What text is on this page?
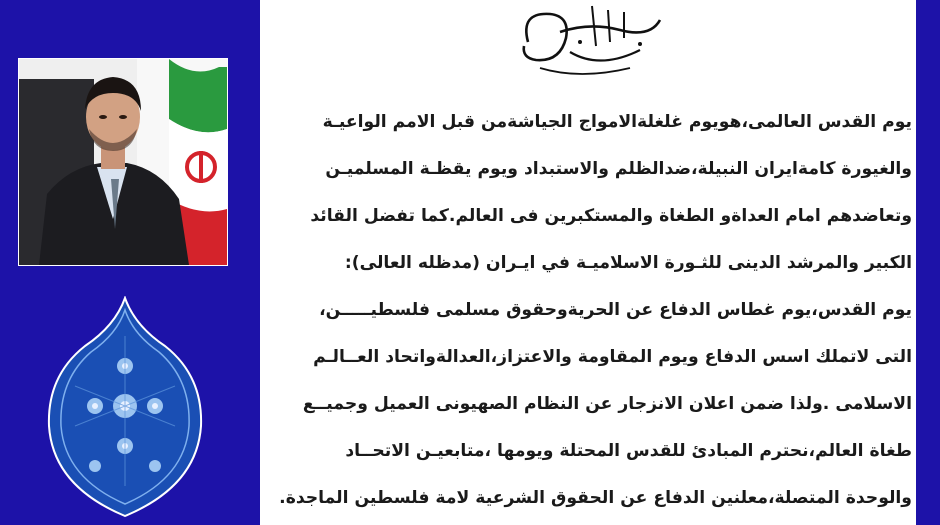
يوم القدس العالمى،هويوم غلغلةالامواج الجياشةمن قبل الامم الواعيـة
والغيورة كامةايران النبيلة،ضدالظلم والاستبداد ويوم يقظـة المسلميـن
وتعاضدهم امام العداةو الطغاة والمستكبرين فى العالم.كما تفضل القائد
الكبير والمرشد الدينى للثـورة الاسلاميـة في ايـران (مدظله العالى):
يوم القدس،يوم غطاس الدفاع عن الحريةوحقوق مسلمى فلسطيـــــن،
التى لاتملك اسس الدفاع ويوم المقاومة والاعتزاز،العدالةواتحاد العــالـم
الاسلامى .ولذا ضمن اعلان الانزجار عن النظام الصهيونى العميل وجميــع
طغاة العالم،نحترم المبادئ للقدس المحتلة ويومها ،متابعيـن الاتحــاد
والوحدة المتصلة،معلنين الدفاع عن الحقوق الشرعية لامة فلسطين الماجدة.
